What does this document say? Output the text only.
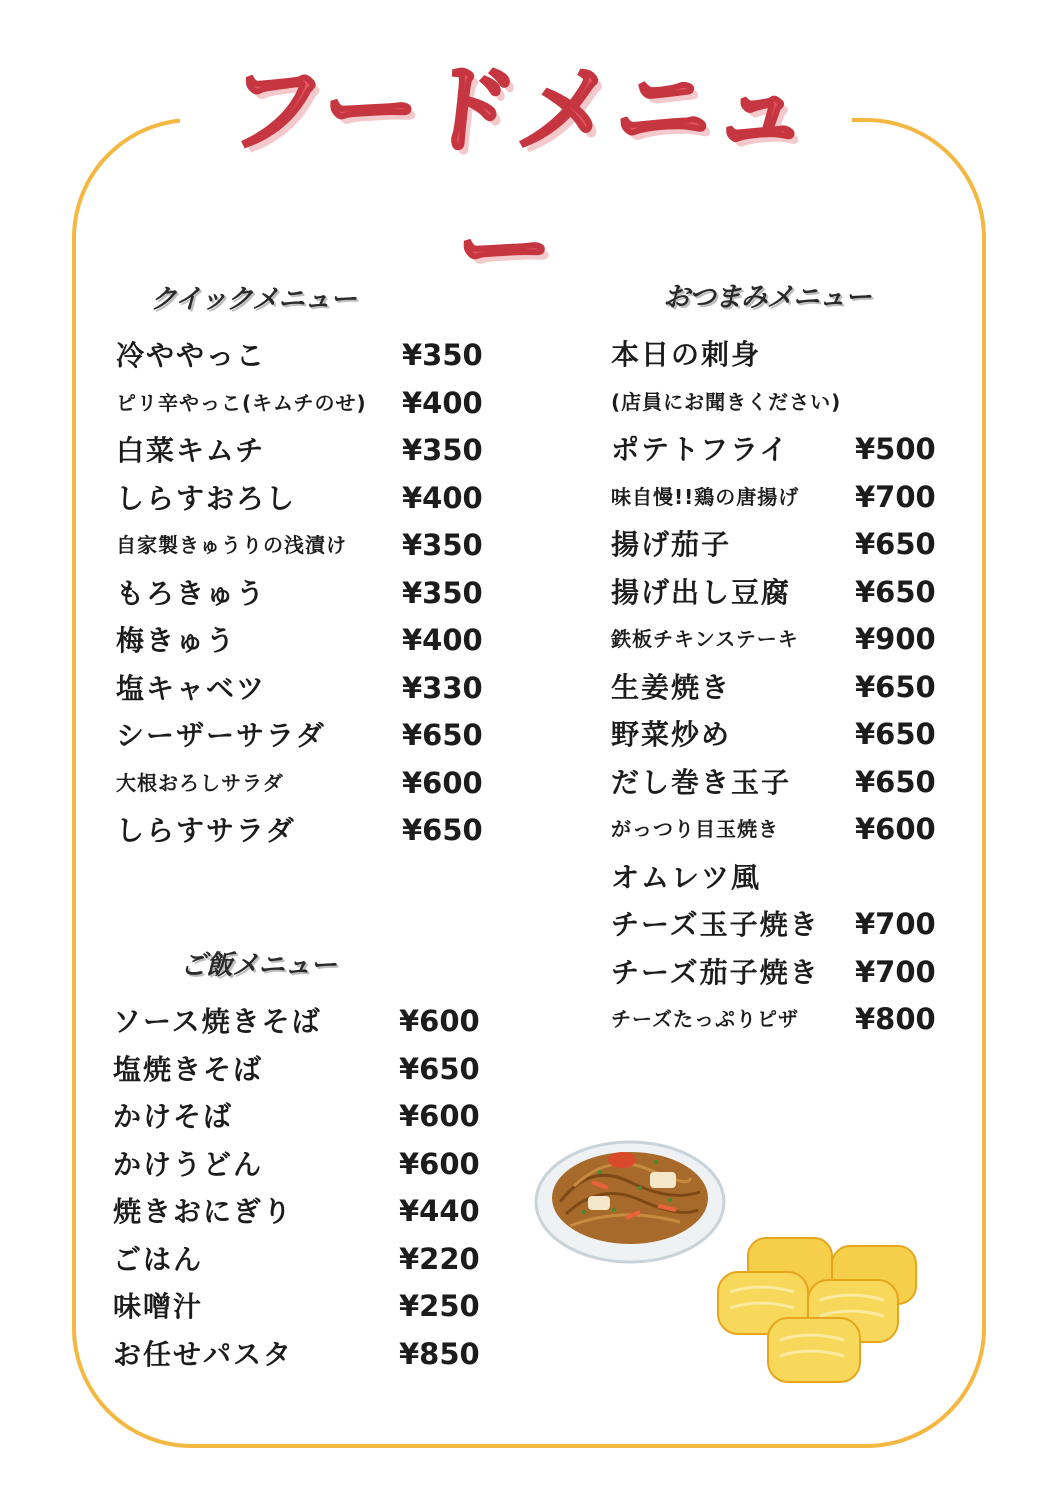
フードメニュー
クイックメニュー
冷ややっこ	¥350
ピリ辛やっこ(キムチのせ) ¥400
白菜キムチ	¥350
しらすおろし	¥400
自家製きゅうりの浅漬け ¥350
もろきゅう	¥350
梅きゅう	¥400
塩キャベツ	¥330
シーザーサラダ	¥650
大根おろしサラダ	¥600
しらすサラダ	¥650
ご飯メニュー
ソース焼きそば	¥600
塩焼きそば	¥650
かけそば	¥600
かけうどん	¥600
焼きおにぎり	¥440
ごはん	¥220
味噌汁	¥250
お任せパスタ	¥850
おつまみメニュー
本日の刺身
(店員にお聞きください)
ポテトフライ ¥500
味自慢!!鶏の唐揚げ ¥700
揚げ茄子	¥650
揚げ出し豆腐 ¥650
鉄板チキンステーキ ¥900
生姜焼き	¥650
野菜炒め	¥650
だし巻き玉子 ¥650
がっつり目玉焼き	¥600
オムレツ風
チーズ玉子焼き ¥700
チーズ茄子焼き ¥700
チーズたっぷりピザ ¥800
